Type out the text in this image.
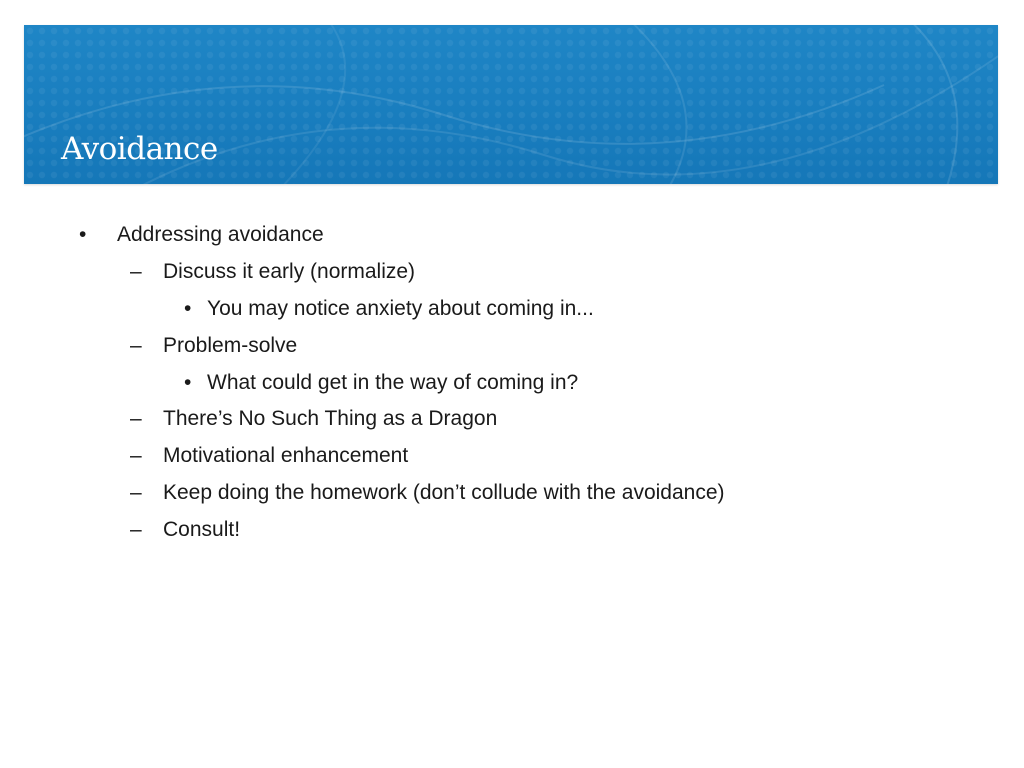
Avoidance
• Addressing avoidance
– Discuss it early (normalize)
• You may notice anxiety about coming in...
– Problem-solve
• What could get in the way of coming in?
– There’s No Such Thing as a Dragon
– Motivational enhancement
– Keep doing the homework (don’t collude with the avoidance)
– Consult!
